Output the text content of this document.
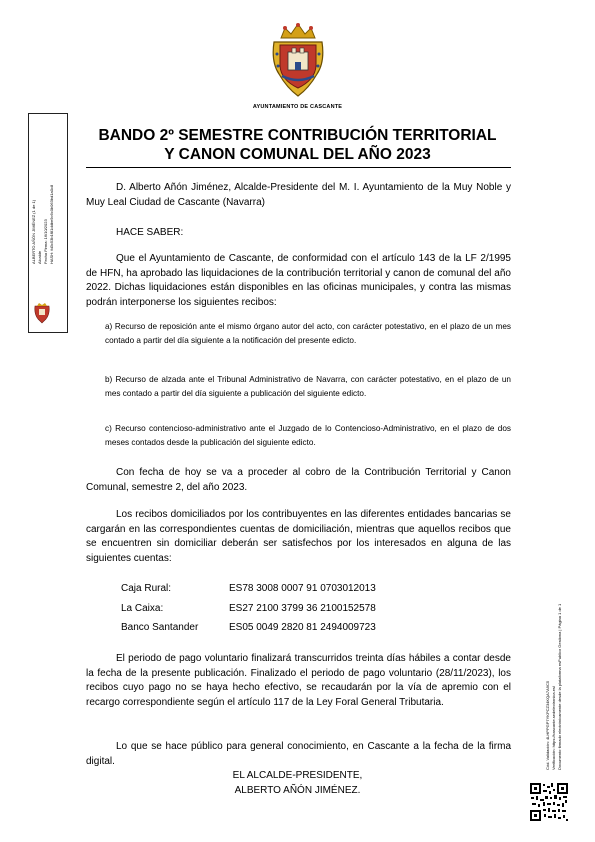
AYUNTAMIENTO DE CASCANTE
BANDO 2º SEMESTRE CONTRIBUCIÓN TERRITORIAL
Y CANON COMUNAL DEL AÑO 2023

D. Alberto Añón Jiménez, Alcalde-Presidente del M. I. Ayuntamiento de la Muy Noble y Muy Leal Ciudad de Cascante (Navarra)

HACE SABER:

Que el Ayuntamiento de Cascante, de conformidad con el artículo 143 de la LF 2/1995 de HFN, ha aprobado las liquidaciones de la contribución territorial y canon de comunal del año 2022. Dichas liquidaciones están disponibles en las oficinas municipales, y contra las mismas podrán interponerse los siguientes recibos:

a) Recurso de reposición ante el mismo órgano autor del acto, con carácter potestativo, en el plazo de un mes contado a partir del día siguiente a la notificación del presente edicto.

b) Recurso de alzada ante el Tribunal Administrativo de Navarra, con carácter potestativo, en el plazo de un mes contado a partir del día siguiente a publicación del siguiente edicto.

c) Recurso contencioso-administrativo ante el Juzgado de lo Contencioso-Administrativo, en el plazo de dos meses contados desde la publicación del siguiente edicto.

Con fecha de hoy se va a proceder al cobro de la Contribución Territorial y Canon Comunal, semestre 2, del año 2023.

Los recibos domiciliados por los contribuyentes en las diferentes entidades bancarias se cargarán en las correspondientes cuentas de domiciliación, mientras que aquellos recibos que se encuentren sin domiciliar deberán ser satisfechos por los interesados en alguna de las siguientes cuentas:

Caja Rural:	ES78 3008 0007 91 0703012013
La Caixa:	ES27 2100 3799 36 2100152578
Banco Santander	ES05 0049 2820 81 2494009723

El periodo de pago voluntario finalizará transcurridos treinta días hábiles a contar desde la fecha de la presente publicación. Finalizado el periodo de pago voluntario (28/11/2023), los recibos cuyo pago no se haya hecho efectivo, se recaudarán por la vía de apremio con el recargo correspondiente según el artículo 117 de la Ley Foral General Tributaria.

Lo que se hace público para general conocimiento, en Cascante a la fecha de la firma digital.

EL ALCALDE-PRESIDENTE,
ALBERTO AÑÓN JIMÉNEZ.
ALBERTO AÑÓN JIMÉNEZ (1 de 1) Alcalde Fecha Firma: 16/10/2023 HASH: fd3c53b1f81ddbe9c6c0b063bd1a0c8
Cód. Validación: 4LHPPGP7YKPCZ34KQA7A9C5 Verificación: https://cascante.sedelectronica.es/ Documento firmado electrónicamente desde la plataforma esPublico Gestiona | Página 1 de 1
